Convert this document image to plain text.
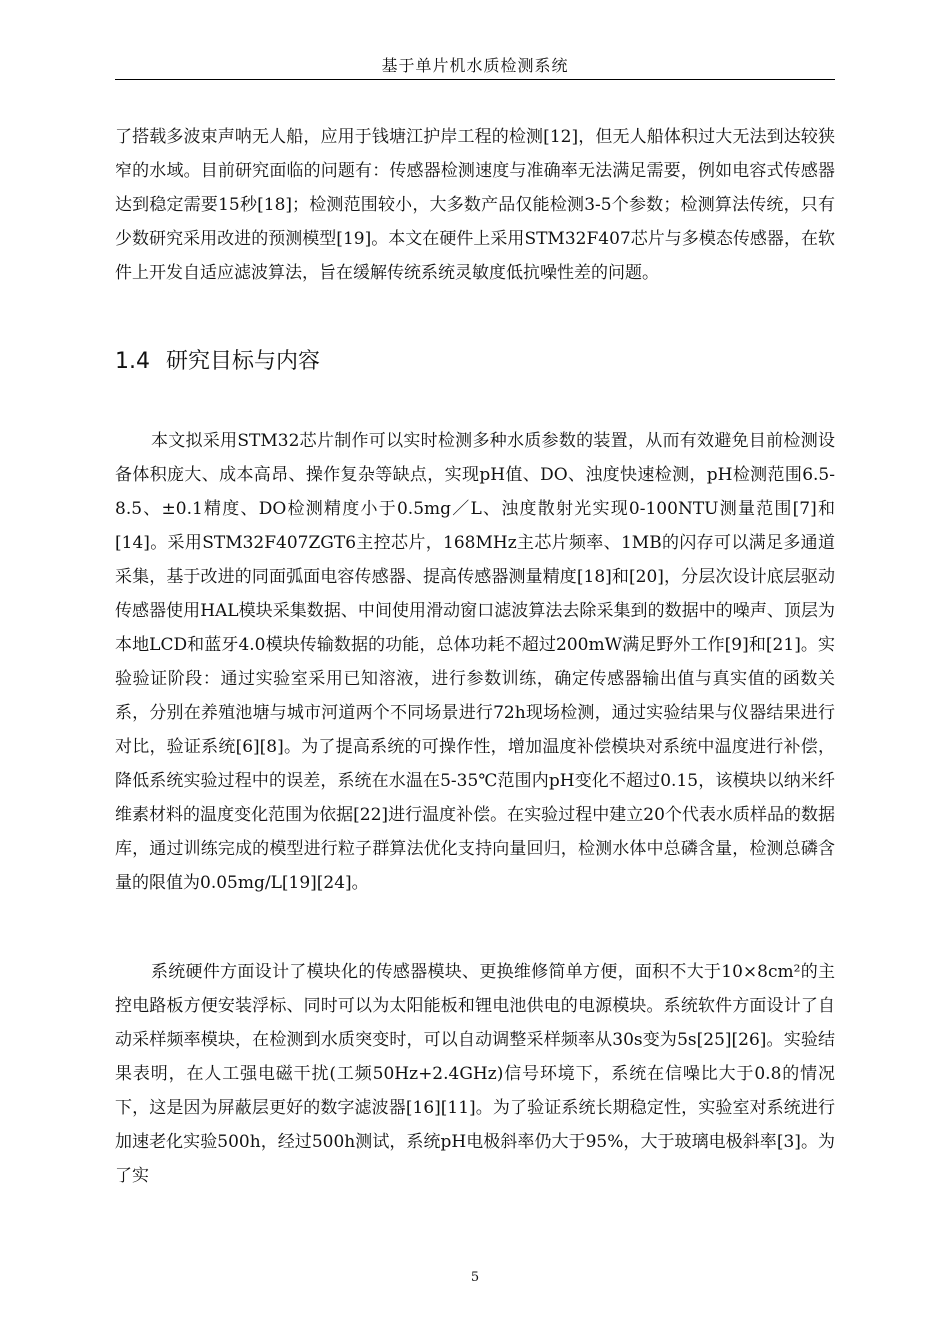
基于单片机水质检测系统

了搭载多波束声呐无人船，应用于钱塘江护岸工程的检测[12]，但无人船体积过大无法到达较狭窄的水域。目前研究面临的问题有：传感器检测速度与准确率无法满足需要，例如电容式传感器达到稳定需要15秒[18]；检测范围较小，大多数产品仅能检测3-5个参数；检测算法传统，只有少数研究采用改进的预测模型[19]。本文在硬件上采用STM32F407芯片与多模态传感器，在软件上开发自适应滤波算法，旨在缓解传统系统灵敏度低抗噪性差的问题。

1.4 研究目标与内容

本文拟采用STM32芯片制作可以实时检测多种水质参数的装置，从而有效避免目前检测设备体积庞大、成本高昂、操作复杂等缺点，实现pH值、DO、浊度快速检测，pH检测范围6.5-8.5、±0.1精度、DO检测精度小于0.5mg／L、浊度散射光实现0-100NTU测量范围[7]和[14]。采用STM32F407ZGT6主控芯片，168MHz主芯片频率、1MB的闪存可以满足多通道采集，基于改进的同面弧面电容传感器、提高传感器测量精度[18]和[20]，分层次设计底层驱动传感器使用HAL模块采集数据、中间使用滑动窗口滤波算法去除采集到的数据中的噪声、顶层为本地LCD和蓝牙4.0模块传输数据的功能，总体功耗不超过200mW满足野外工作[9]和[21]。实验验证阶段：通过实验室采用已知溶液，进行参数训练，确定传感器输出值与真实值的函数关系，分别在养殖池塘与城市河道两个不同场景进行72h现场检测，通过实验结果与仪器结果进行对比，验证系统[6][8]。为了提高系统的可操作性，增加温度补偿模块对系统中温度进行补偿，降低系统实验过程中的误差，系统在水温在5-35℃范围内pH变化不超过0.15，该模块以纳米纤维素材料的温度变化范围为依据[22]进行温度补偿。在实验过程中建立20个代表水质样品的数据库，通过训练完成的模型进行粒子群算法优化支持向量回归，检测水体中总磷含量，检测总磷含量的限值为0.05mg/L[19][24]。

系统硬件方面设计了模块化的传感器模块、更换维修简单方便，面积不大于10×8cm²的主控电路板方便安装浮标、同时可以为太阳能板和锂电池供电的电源模块。系统软件方面设计了自动采样频率模块，在检测到水质突变时，可以自动调整采样频率从30s变为5s[25][26]。实验结果表明，在人工强电磁干扰(工频50Hz+2.4GHz)信号环境下，系统在信噪比大于0.8的情况下，这是因为屏蔽层更好的数字滤波器[16][11]。为了验证系统长期稳定性，实验室对系统进行加速老化实验500h，经过500h测试，系统pH电极斜率仍大于95%，大于玻璃电极斜率[3]。为了实

5
